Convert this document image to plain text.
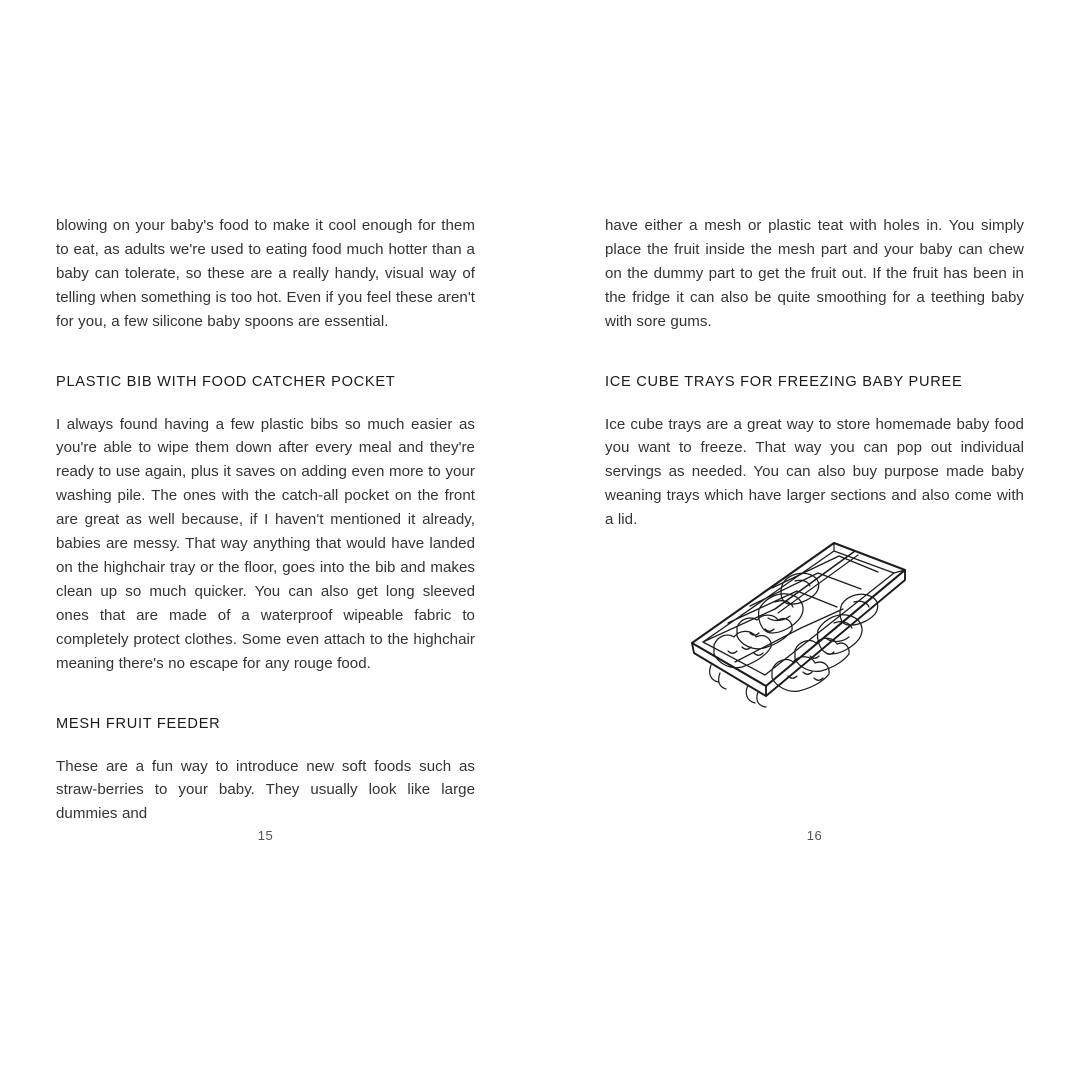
blowing on your baby's food to make it cool enough for them to eat, as adults we're used to eating food much hotter than a baby can tolerate, so these are a really handy, visual way of telling when something is too hot. Even if you feel these aren't for you, a few silicone baby spoons are essential.

PLASTIC BIB WITH FOOD CATCHER POCKET

I always found having a few plastic bibs so much easier as you're able to wipe them down after every meal and they're ready to use again, plus it saves on adding even more to your washing pile. The ones with the catch-all pocket on the front are great as well because, if I haven't mentioned it already, babies are messy. That way anything that would have landed on the highchair tray or the floor, goes into the bib and makes clean up so much quicker. You can also get long sleeved ones that are made of a waterproof wipeable fabric to completely protect clothes. Some even attach to the highchair meaning there's no escape for any rouge food.

MESH FRUIT FEEDER

These are a fun way to introduce new soft foods such as straw-berries to your baby. They usually look like large dummies and

15

have either a mesh or plastic teat with holes in. You simply place the fruit inside the mesh part and your baby can chew on the dummy part to get the fruit out. If the fruit has been in the fridge it can also be quite smoothing for a teething baby with sore gums.

ICE CUBE TRAYS FOR FREEZING BABY PUREE

Ice cube trays are a great way to store homemade baby food you want to freeze. That way you can pop out individual servings as needed. You can also buy purpose made baby weaning trays which have larger sections and also come with a lid.

16
